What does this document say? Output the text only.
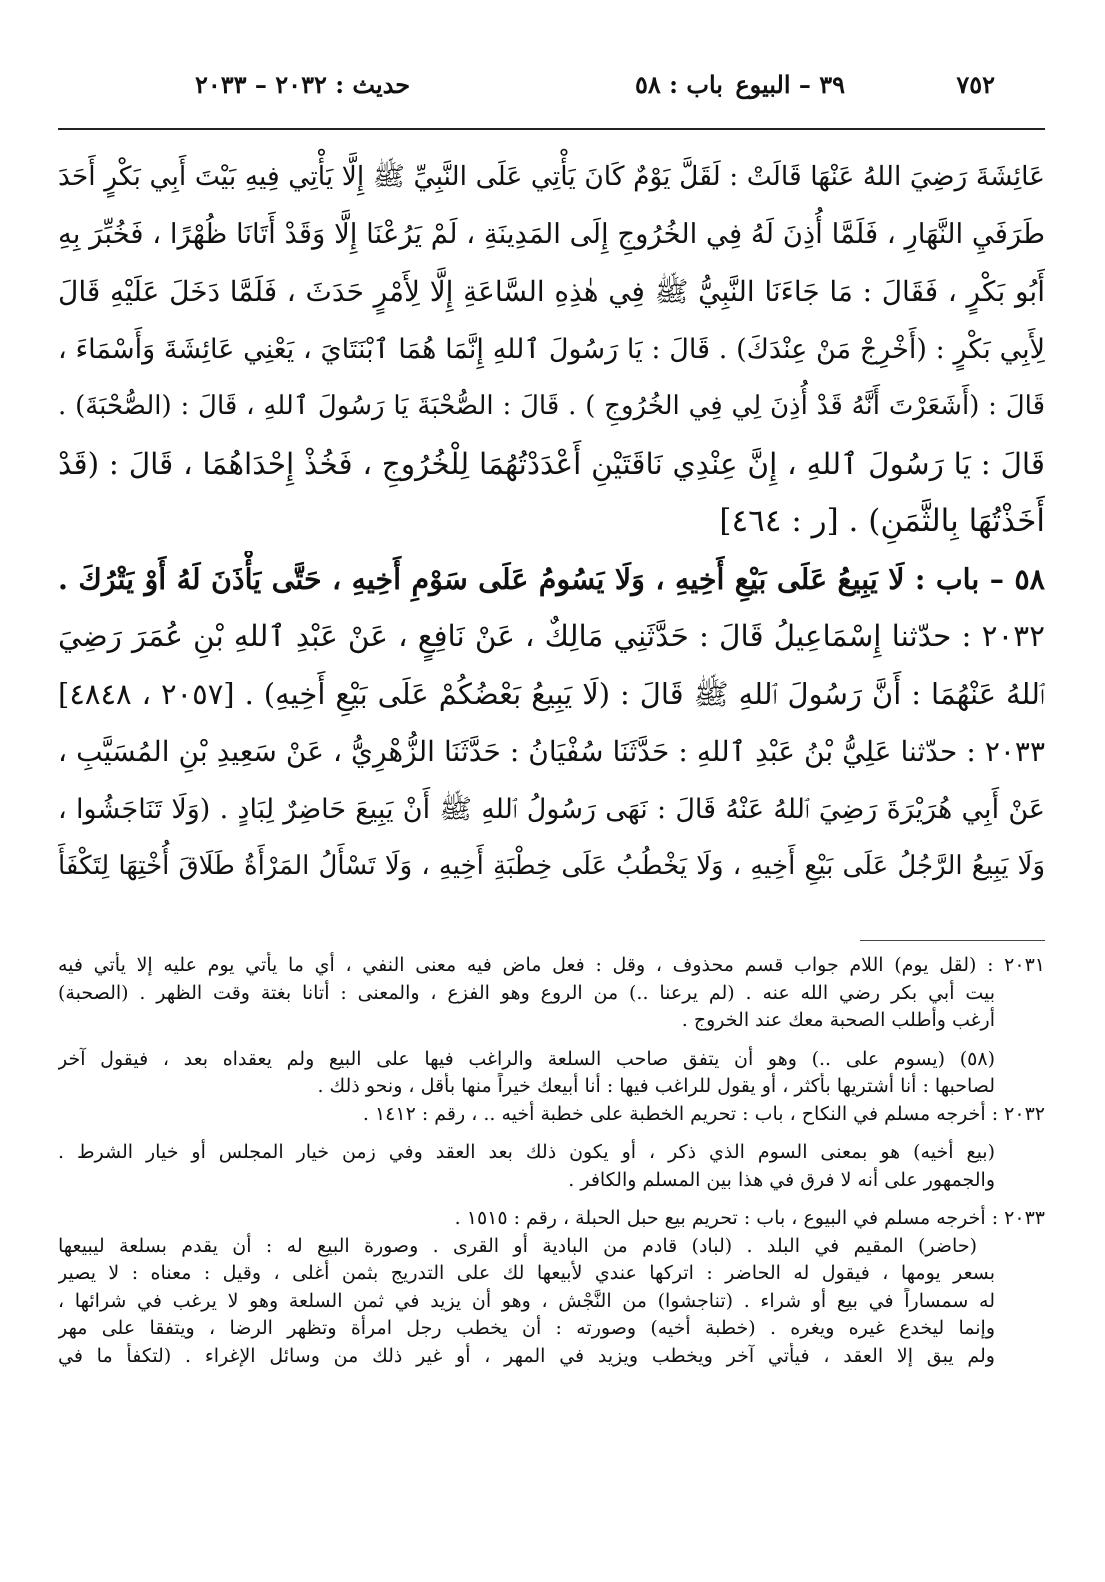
٧٥٢
٣٩ – البيوع
باب : ٥٨
حديث : ٢٠٣٢ – ٢٠٣٣
عَائِشَةَ رَضِيَ اللهُ عَنْهَا قَالَتْ : لَقَلَّ يَوْمٌ كَانَ يَأْتِي عَلَى النَّبِيِّ ﷺ إِلَّا يَأْتِي فِيهِ بَيْتَ أَبِي بَكْرٍ أَحَدَ
طَرَفَيِ النَّهَارِ ، فَلَمَّا أُذِنَ لَهُ فِي الخُرُوجِ إِلَى المَدِينَةِ ، لَمْ يَرُعْنَا إِلَّا وَقَدْ أَتَانَا ظُهْرًا ، فَخُبِّرَ بِهِ
أَبُو بَكْرٍ ، فَقَالَ : مَا جَاءَنَا النَّبِيُّ ﷺ فِي هٰذِهِ السَّاعَةِ إِلَّا لِأَمْرٍ حَدَثَ ، فَلَمَّا دَخَلَ عَلَيْهِ قَالَ
لِأَبِي بَكْرٍ : (أَخْرِجْ مَنْ عِنْدَكَ) . قَالَ : يَا رَسُولَ ٱللهِ إِنَّمَا هُمَا ٱبْنَتَايَ ، يَعْنِي عَائِشَةَ وَأَسْمَاءَ ،
قَالَ : (أَشَعَرْتَ أَنَّهُ قَدْ أُذِنَ لِي فِي الخُرُوجِ ) . قَالَ : الصُّحْبَةَ يَا رَسُولَ ٱللهِ ، قَالَ : (الصُّحْبَةَ) .
قَالَ : يَا رَسُولَ ٱللهِ ، إِنَّ عِنْدِي نَاقَتَيْنِ أَعْدَدْتُهُمَا لِلْخُرُوجِ ، فَخُذْ إِحْدَاهُمَا ، قَالَ : (قَدْ
أَخَذْتُهَا بِالثَّمَنِ) . [ر : ٤٦٤]
٥٨ – باب : لَا يَبِيعُ عَلَى بَيْعِ أَخِيهِ ، وَلَا يَسُومُ عَلَى سَوْمِ أَخِيهِ ، حَتَّى يَأْذَنَ لَهُ أَوْ يَتْرُكَ .
٢٠٣٢ : حدّثنا إِسْمَاعِيلُ قَالَ : حَدَّثَنِي مَالِكٌ ، عَنْ نَافِعٍ ، عَنْ عَبْدِ ٱللهِ بْنِ عُمَرَ رَضِيَ
ٱللهُ عَنْهُمَا : أَنَّ رَسُولَ ٱللهِ ﷺ قَالَ : (لَا يَبِيعُ بَعْضُكُمْ عَلَى بَيْعِ أَخِيهِ) . [٢٠٥٧ ، ٤٨٤٨]
٢٠٣٣ : حدّثنا عَلِيُّ بْنُ عَبْدِ ٱللهِ : حَدَّثَنَا سُفْيَانُ : حَدَّثَنَا الزُّهْرِيُّ ، عَنْ سَعِيدِ بْنِ المُسَيَّبِ ،
عَنْ أَبِي هُرَيْرَةَ رَضِيَ ٱللهُ عَنْهُ قَالَ : نَهَى رَسُولُ ٱللهِ ﷺ أَنْ يَبِيعَ حَاضِرٌ لِبَادٍ . (وَلَا تَنَاجَشُوا ،
وَلَا يَبِيعُ الرَّجُلُ عَلَى بَيْعِ أَخِيهِ ، وَلَا يَخْطُبُ عَلَى خِطْبَةِ أَخِيهِ ، وَلَا تَسْأَلُ المَرْأَةُ طَلَاقَ أُخْتِهَا لِتَكْفَأَ
٢٠٣١ : (لقل يوم) اللام جواب قسم محذوف ، وقل : فعل ماض فيه معنى النفي ، أي ما يأتي يوم عليه إلا يأتي فيه
بيت أبي بكر رضي الله عنه . (لم يرعنا ..) من الروع وهو الفزع ، والمعنى : أتانا بغتة وقت الظهر . (الصحبة)
أرغب وأطلب الصحبة معك عند الخروج .
(٥٨) (يسوم على ..) وهو أن يتفق صاحب السلعة والراغب فيها على البيع ولم يعقداه بعد ، فيقول آخر
لصاحبها : أنا أشتريها بأكثر ، أو يقول للراغب فيها : أنا أبيعك خيراً منها بأقل ، ونحو ذلك .
٢٠٣٢ : أخرجه مسلم في النكاح ، باب : تحريم الخطبة على خطبة أخيه .. ، رقم : ١٤١٢ .
(بيع أخيه) هو بمعنى السوم الذي ذكر ، أو يكون ذلك بعد العقد وفي زمن خيار المجلس أو خيار الشرط .
والجمهور على أنه لا فرق في هذا بين المسلم والكافر .
٢٠٣٣ : أخرجه مسلم في البيوع ، باب : تحريم بيع حبل الحبلة ، رقم : ١٥١٥ .
(حاضر) المقيم في البلد . (لباد) قادم من البادية أو القرى . وصورة البيع له : أن يقدم بسلعة ليبيعها
بسعر يومها ، فيقول له الحاضر : اتركها عندي لأبيعها لك على التدريج بثمن أغلى ، وقيل : معناه : لا يصير
له سمساراً في بيع أو شراء . (تناجشوا) من النَّجْش ، وهو أن يزيد في ثمن السلعة وهو لا يرغب في شرائها ،
وإنما ليخدع غيره ويغره . (خطبة أخيه) وصورته : أن يخطب رجل امرأة وتظهر الرضا ، ويتفقا على مهر
ولم يبق إلا العقد ، فيأتي آخر ويخطب ويزيد في المهر ، أو غير ذلك من وسائل الإغراء . (لتكفأ ما في
